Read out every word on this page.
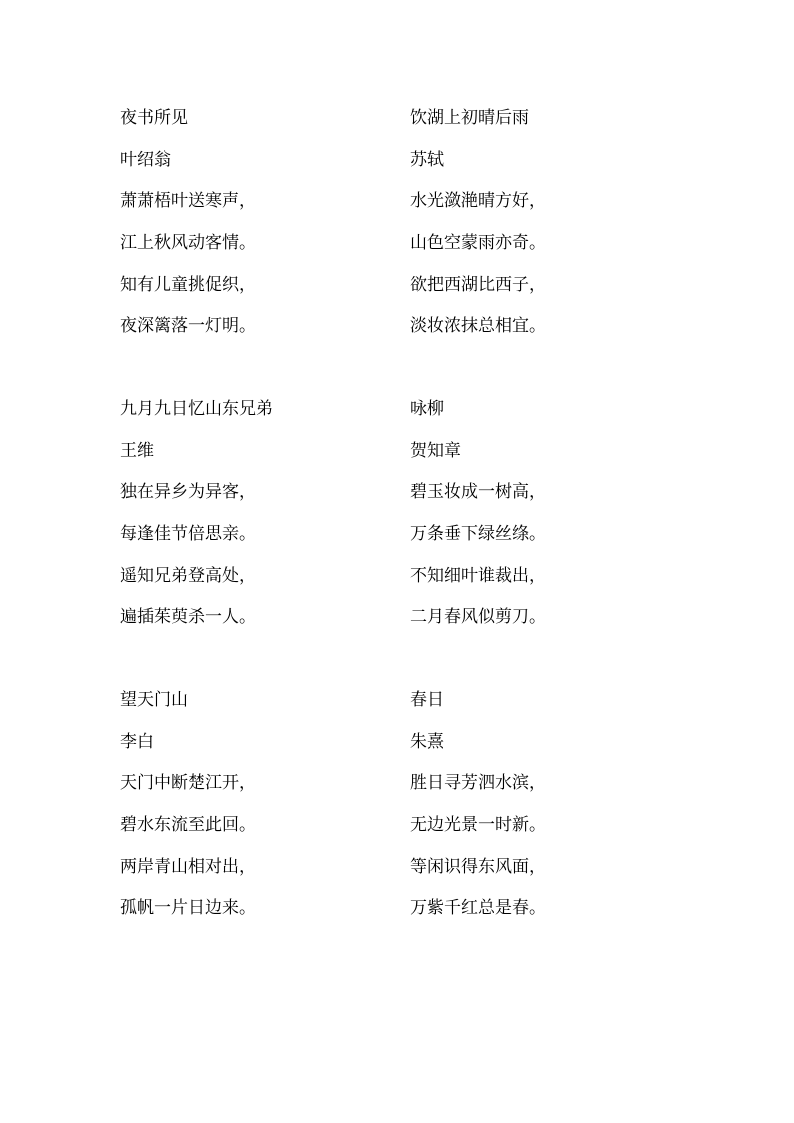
夜书所见
叶绍翁
萧萧梧叶送寒声，
江上秋风动客情。
知有儿童挑促织，
夜深篱落一灯明。
饮湖上初晴后雨
苏轼
水光潋滟晴方好，
山色空蒙雨亦奇。
欲把西湖比西子，
淡妆浓抹总相宜。
九月九日忆山东兄弟
王维
独在异乡为异客，
每逢佳节倍思亲。
遥知兄弟登高处，
遍插茱萸杀一人。
咏柳
贺知章
碧玉妆成一树高，
万条垂下绿丝绦。
不知细叶谁裁出，
二月春风似剪刀。
望天门山
李白
天门中断楚江开，
碧水东流至此回。
两岸青山相对出，
孤帆一片日边来。
春日
朱熹
胜日寻芳泗水滨，
无边光景一时新。
等闲识得东风面，
万紫千红总是春。
